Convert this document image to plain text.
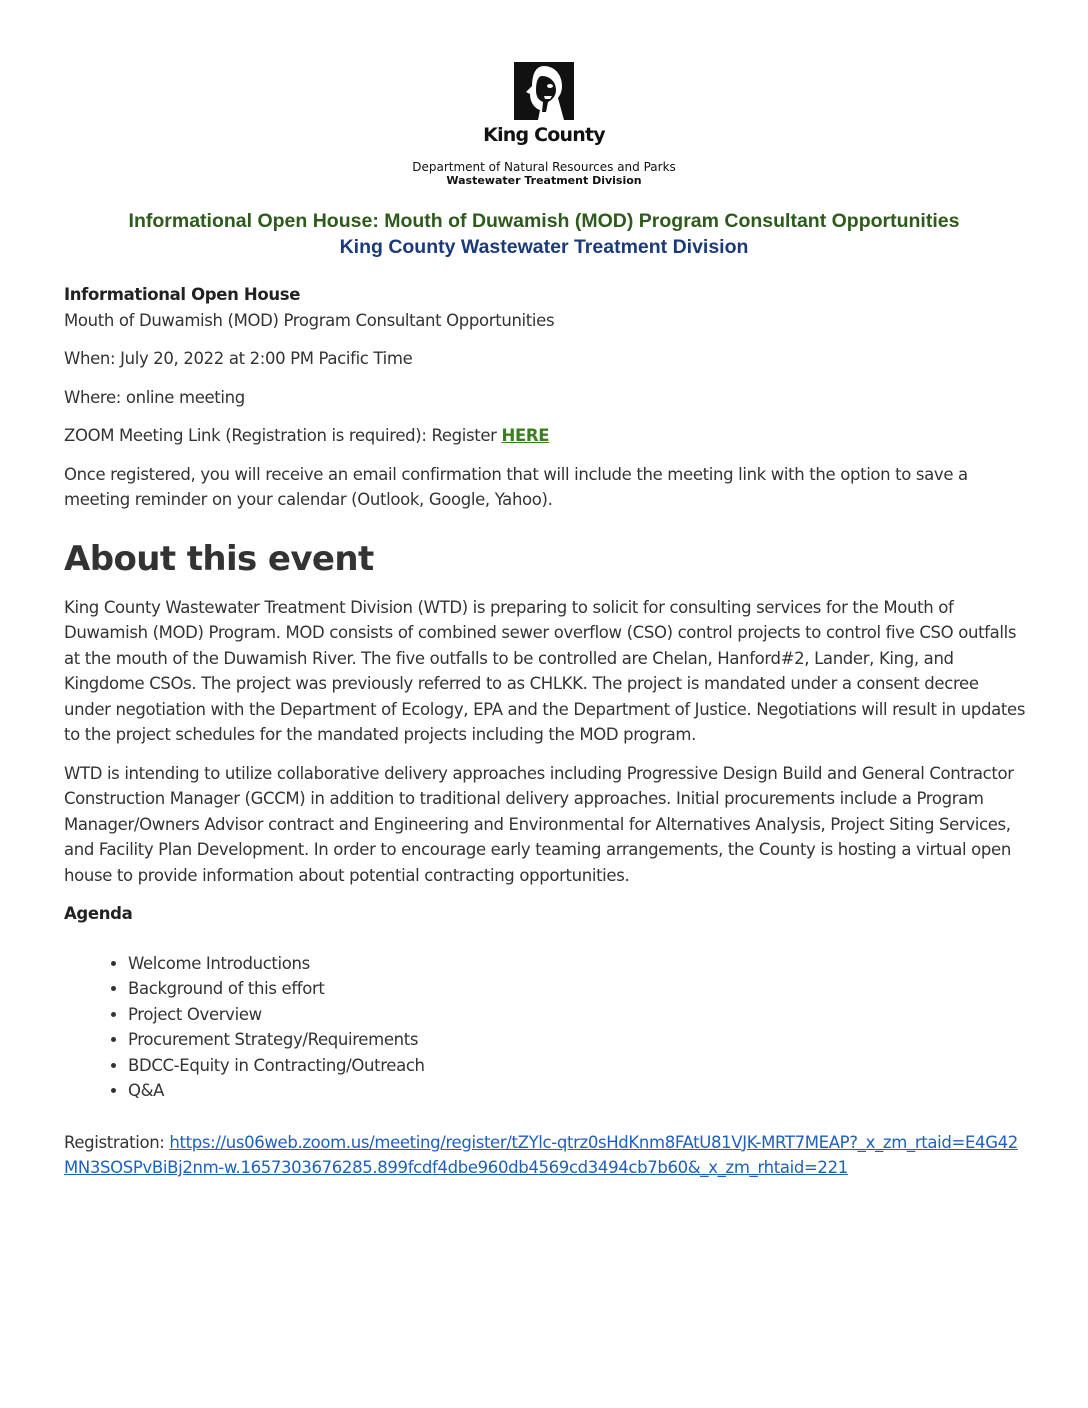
King County
Department of Natural Resources and Parks
Wastewater Treatment Division
Informational Open House: Mouth of Duwamish (MOD) Program Consultant Opportunities
King County Wastewater Treatment Division

Informational Open House
Mouth of Duwamish (MOD) Program Consultant Opportunities

When: July 20, 2022 at 2:00 PM Pacific Time

Where: online meeting

ZOOM Meeting Link (Registration is required): Register HERE

Once registered, you will receive an email confirmation that will include the meeting link with the option to save a meeting reminder on your calendar (Outlook, Google, Yahoo).

About this event

King County Wastewater Treatment Division (WTD) is preparing to solicit for consulting services for the Mouth of Duwamish (MOD) Program. MOD consists of combined sewer overflow (CSO) control projects to control five CSO outfalls at the mouth of the Duwamish River. The five outfalls to be controlled are Chelan, Hanford#2, Lander, King, and Kingdome CSOs. The project was previously referred to as CHLKK. The project is mandated under a consent decree under negotiation with the Department of Ecology, EPA and the Department of Justice. Negotiations will result in updates to the project schedules for the mandated projects including the MOD program.

WTD is intending to utilize collaborative delivery approaches including Progressive Design Build and General Contractor Construction Manager (GCCM) in addition to traditional delivery approaches. Initial procurements include a Program Manager/Owners Advisor contract and Engineering and Environmental for Alternatives Analysis, Project Siting Services, and Facility Plan Development. In order to encourage early teaming arrangements, the County is hosting a virtual open house to provide information about potential contracting opportunities.

Agenda

• Welcome Introductions
• Background of this effort
• Project Overview
• Procurement Strategy/Requirements
• BDCC-Equity in Contracting/Outreach
• Q&A

Registration: https://us06web.zoom.us/meeting/register/tZYlc-qtrz0sHdKnm8FAtU81VJK-MRT7MEAP?_x_zm_rtaid=E4G42MN3SOSPvBiBj2nm-w.1657303676285.899fcdf4dbe960db4569cd3494cb7b60&_x_zm_rhtaid=221
